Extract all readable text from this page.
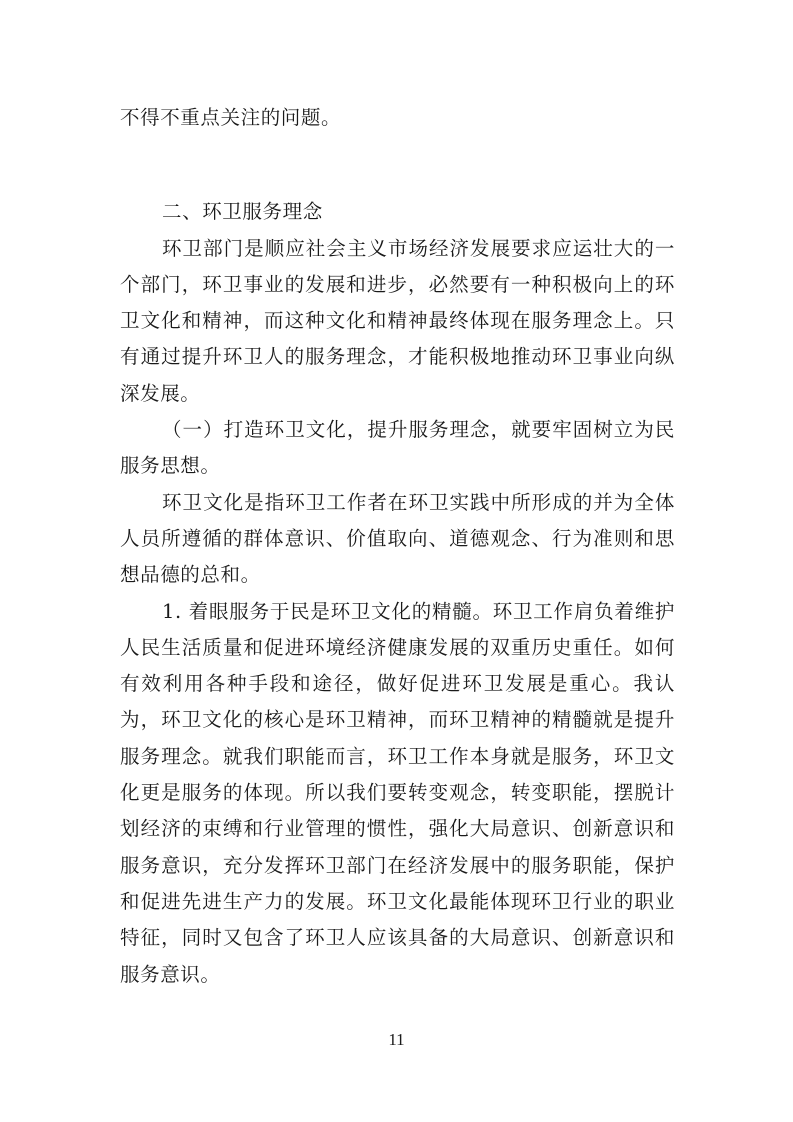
不得不重点关注的问题。

二、环卫服务理念

环卫部门是顺应社会主义市场经济发展要求应运壮大的一个部门，环卫事业的发展和进步，必然要有一种积极向上的环卫文化和精神，而这种文化和精神最终体现在服务理念上。只有通过提升环卫人的服务理念，才能积极地推动环卫事业向纵深发展。

（一）打造环卫文化，提升服务理念，就要牢固树立为民服务思想。

环卫文化是指环卫工作者在环卫实践中所形成的并为全体人员所遵循的群体意识、价值取向、道德观念、行为准则和思想品德的总和。

1. 着眼服务于民是环卫文化的精髓。环卫工作肩负着维护人民生活质量和促进环境经济健康发展的双重历史重任。如何有效利用各种手段和途径，做好促进环卫发展是重心。我认为，环卫文化的核心是环卫精神，而环卫精神的精髓就是提升服务理念。就我们职能而言，环卫工作本身就是服务，环卫文化更是服务的体现。所以我们要转变观念，转变职能，摆脱计划经济的束缚和行业管理的惯性，强化大局意识、创新意识和服务意识，充分发挥环卫部门在经济发展中的服务职能，保护和促进先进生产力的发展。环卫文化最能体现环卫行业的职业特征，同时又包含了环卫人应该具备的大局意识、创新意识和服务意识。

11
